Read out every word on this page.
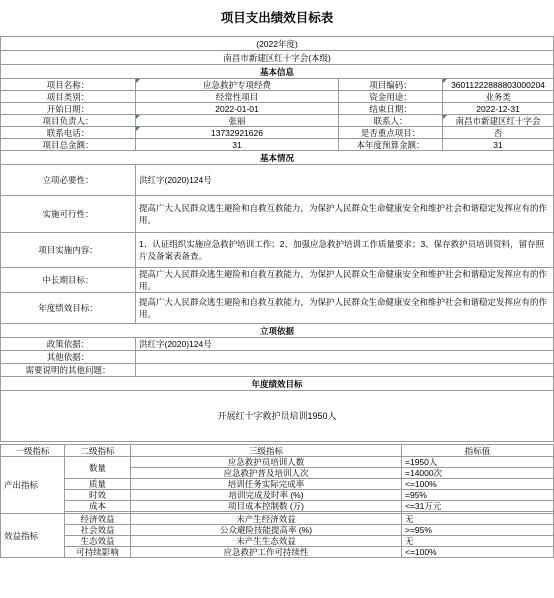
项目支出绩效目标表			
(2022年度)			
南昌市新建区红十字会(本级)			
基本信息			
项目名称：	应急救护专项经费	项目编码：	36011222888803000204
项目类别：	经常性项目	资金用途：	业务类
开始日期：	2022-01-01	结束日期：	2022-12-31
项目负责人：	张丽	联系人：	南昌市新建区红十字会
联系电话：	13732921626	是否重点项目：	否
项目总金额：	31	本年度预算金额：	31
基本情况			
立项必要性：	洪红字(2020)124号		
实施可行性：	提高广大人民群众逃生避险和自救互救能力，为保护人民群众生命健康安全和维护社会和谐稳定发挥应有的作用。		
项目实施内容：	1、认证组织实施应急救护培训工作；2、加强应急救护培训工作质量要求；3、保存救护员培训资料，留存照片及备案表备查。		
中长期目标：	提高广大人民群众逃生避险和自救互救能力，为保护人民群众生命健康安全和维护社会和谐稳定发挥应有的作用。		
年度绩效目标：	提高广大人民群众逃生避险和自救互救能力，为保护人民群众生命健康安全和维护社会和谐稳定发挥应有的作用。		
立项依据			
政策依据：	洪红字(2020)124号		
其他依据：			
需要说明的其他问题：			
年度绩效目标			
开展红十字救护员培训1950人			
一级指标	二级指标	三级指标	指标值
产出指标	数量	应急救护员培训人数	=1950人
		应急救护普及培训人次	=14000次
	质量	培训任务实际完成率	<=100%
	时效	培训完成及时率 (%)	=95%
	成本	项目成本控制数 (万)	<=31万元

效益指标	经济效益	未产生经济效益	无
	社会效益	公众避险技能提高率 (%)	>=95%
	生态效益	未产生生态效益	无
	可持续影响	应急救护工作可持续性	<=100%
